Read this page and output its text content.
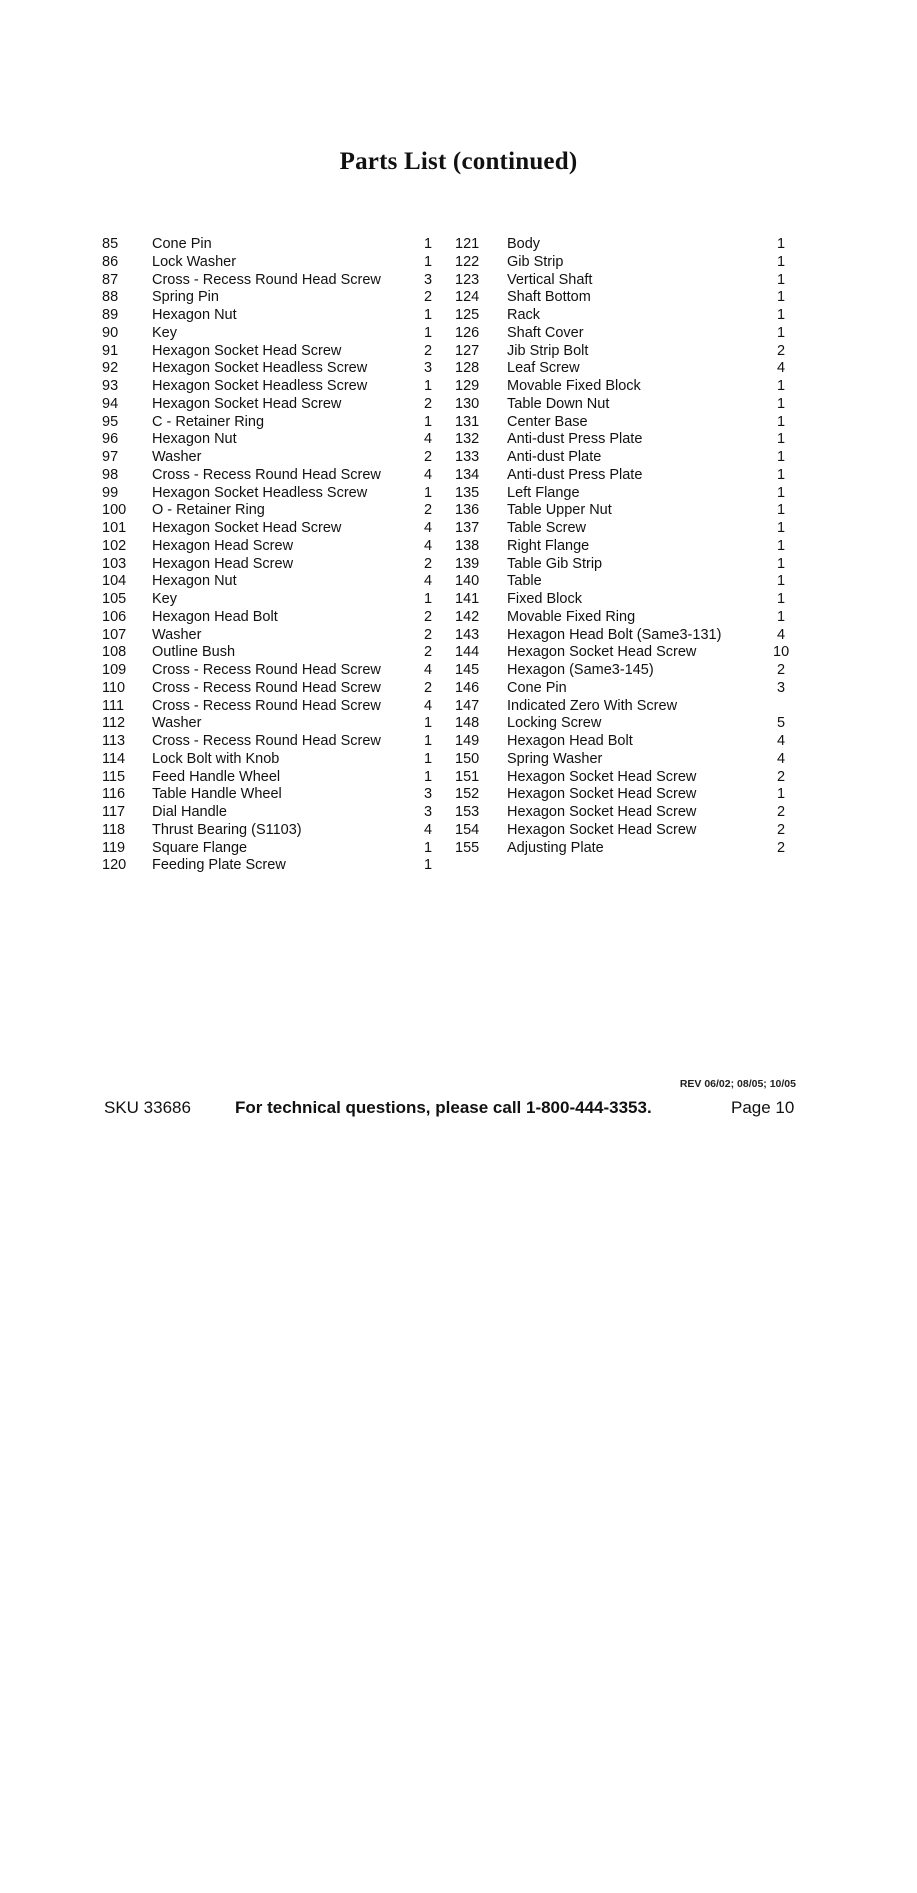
Parts List (continued)
85	Cone Pin	1
86	Lock Washer	1
87	Cross - Recess Round Head Screw	3
88	Spring Pin	2
89	Hexagon Nut	1
90	Key	1
91	Hexagon Socket Head Screw	2
92	Hexagon Socket Headless Screw	3
93	Hexagon Socket Headless Screw	1
94	Hexagon Socket Head Screw	2
95	C - Retainer Ring	1
96	Hexagon Nut	4
97	Washer	2
98	Cross - Recess Round Head Screw	4
99	Hexagon Socket Headless Screw	1
100	O - Retainer Ring	2
101	Hexagon Socket Head Screw	4
102	Hexagon Head Screw	4
103	Hexagon Head Screw	2
104	Hexagon Nut	4
105	Key	1
106	Hexagon Head Bolt	2
107	Washer	2
108	Outline Bush	2
109	Cross - Recess Round Head Screw	4
110	Cross - Recess Round Head Screw	2
111	Cross - Recess Round Head Screw	4
112	Washer	1
113	Cross - Recess Round Head Screw	1
114	Lock Bolt with Knob	1
115	Feed Handle Wheel	1
116	Table Handle Wheel	3
117	Dial Handle	3
118	Thrust Bearing (S1103)	4
119	Square Flange	1
120	Feeding Plate Screw	1
121	Body	1
122	Gib Strip	1
123	Vertical Shaft	1
124	Shaft Bottom	1
125	Rack	1
126	Shaft Cover	1
127	Jib Strip Bolt	2
128	Leaf Screw	4
129	Movable Fixed Block	1
130	Table Down Nut	1
131	Center Base	1
132	Anti-dust Press Plate	1
133	Anti-dust Plate	1
134	Anti-dust Press Plate	1
135	Left Flange	1
136	Table Upper Nut	1
137	Table Screw	1
138	Right Flange	1
139	Table Gib Strip	1
140	Table	1
141	Fixed Block	1
142	Movable Fixed Ring	1
143	Hexagon Head Bolt (Same3-131)	4
144	Hexagon Socket Head Screw	10
145	Hexagon (Same3-145)	2
146	Cone Pin	3
147	Indicated Zero With Screw
148	Locking Screw	5
149	Hexagon Head Bolt	4
150	Spring Washer	4
151	Hexagon Socket Head Screw	2
152	Hexagon Socket Head Screw	1
153	Hexagon Socket Head Screw	2
154	Hexagon Socket Head Screw	2
155	Adjusting Plate	2
REV 06/02; 08/05; 10/05
SKU 33686	For technical questions, please call 1-800-444-3353.	Page 10
